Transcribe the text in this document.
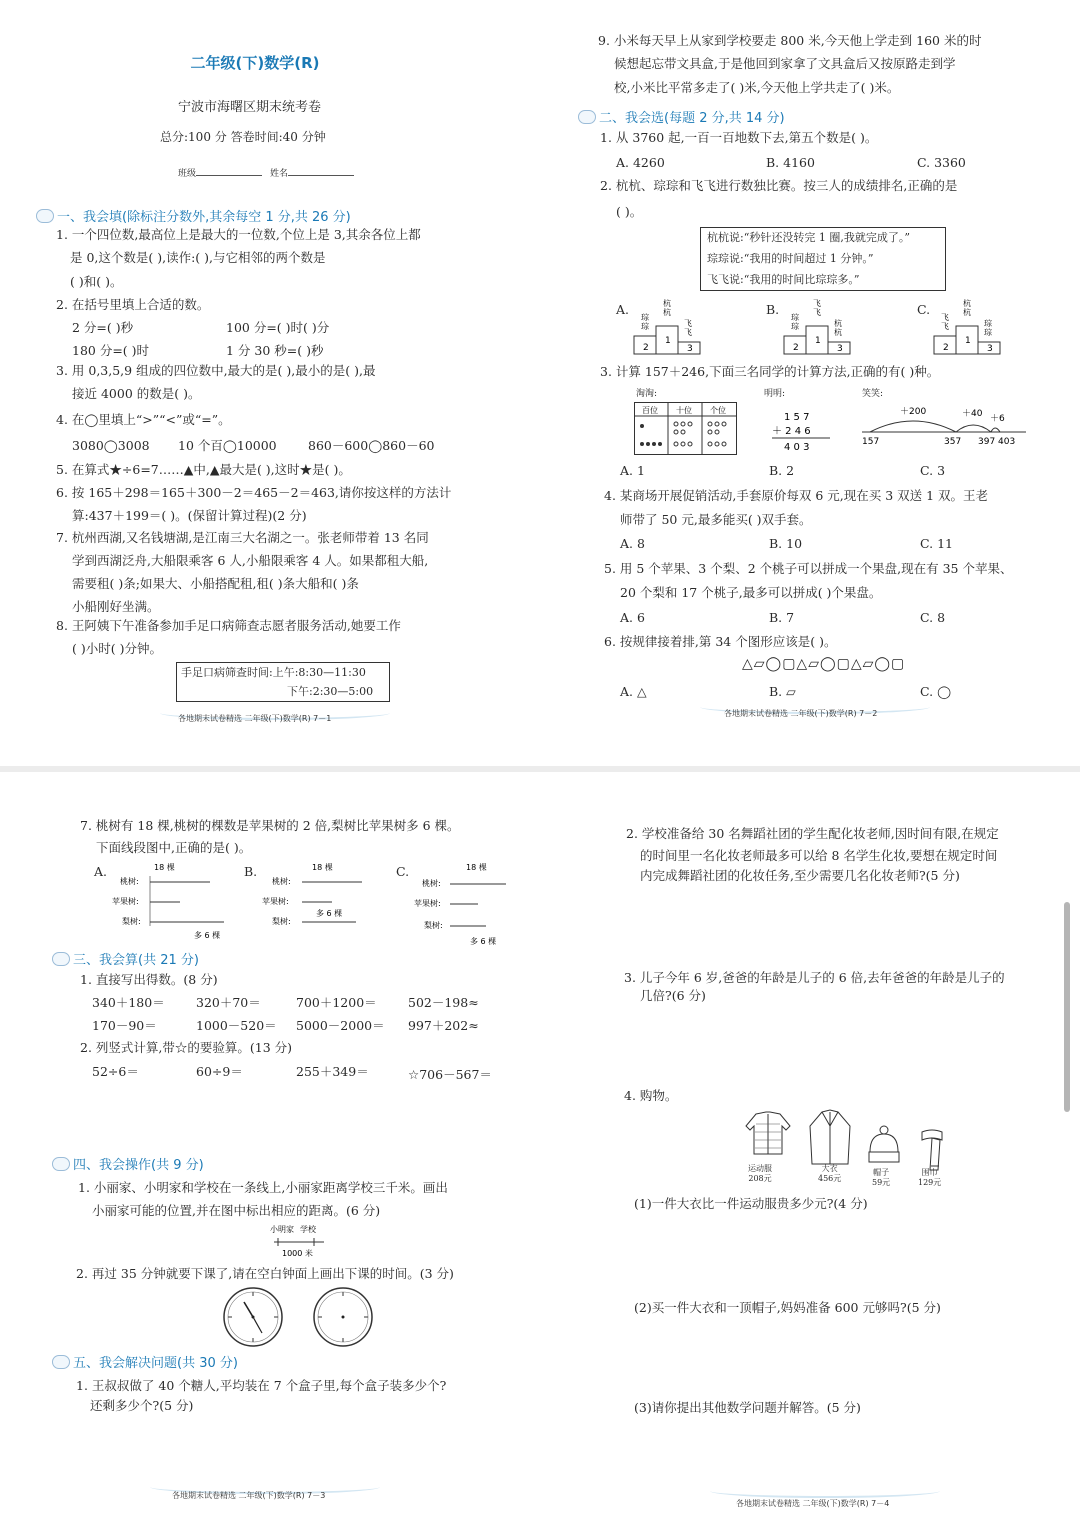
二年级(下)数学(R)
宁波市海曙区期末统考卷
总分:100 分 答卷时间:40 分钟
班级	姓名
一、我会填(除标注分数外,其余每空 1 分,共 26 分)
1. 一个四位数,最高位上是最大的一位数,个位上是 3,其余各位上都
是 0,这个数是( ),读作:( ),与它相邻的两个数是
( )和( )。
2. 在括号里填上合适的数。
2 分=( )秒	100 分=( )时( )分
180 分=( )时	1 分 30 秒=( )秒
3. 用 0,3,5,9 组成的四位数中,最大的是( ),最小的是( ),最
接近 4000 的数是( )。
4. 在◯里填上“>”“<”或“=”。
3080◯3008 10 个百◯10000	860－600◯860－60
5. 在算式★÷6=7……▲中,▲最大是( ),这时★是( )。
6. 按 165＋298＝165＋300－2＝465－2＝463,请你按这样的方法计
算:437＋199＝( )。(保留计算过程)(2 分)
7. 杭州西湖,又名钱塘湖,是江南三大名湖之一。张老师带着 13 名同
学到西湖泛舟,大船限乘客 6 人,小船限乘客 4 人。如果都租大船,
需要租( )条;如果大、小船搭配租,租( )条大船和( )条
小船刚好坐满。
8. 王阿姨下午准备参加手足口病筛查志愿者服务活动,她要工作
( )小时( )分钟。
手足口病筛查时间:上午:8:30—11:30
下午:2:30—5:00
各地期末试卷精选 二年级(下)数学(R) 7－1
9. 小米每天早上从家到学校要走 800 米,今天他上学走到 160 米的时
候想起忘带文具盒,于是他回到家拿了文具盒后又按原路走到学
校,小米比平常多走了( )米,今天他上学共走了( )米。
二、我会选(每题 2 分,共 14 分)
1. 从 3760 起,一百一百地数下去,第五个数是( )。
A. 4260	B. 4160	C. 3360
2. 杭杭、琮琮和飞飞进行数独比赛。按三人的成绩排名,正确的是
( )。
杭杭说:“秒针还没转完 1 圈,我就完成了。”
琮琮说:“我用的时间超过 1 分钟。”
飞飞说:“我用的时间比琮琮多。”
A.	B.	C.
杭
杭
琮
琮	飞
飞
1
2	3
飞
飞
琮
琮	杭
杭
1
2	3
杭
杭
飞
飞	琮
琮
1
2	3
3. 计算 157＋246,下面三名同学的计算方法,正确的有( )种。
淘淘:	明明:	笑笑:
百位 十位 个位
1 5 7
＋ 2 4 6
4 0 3
＋200	＋40 ＋6
157	357 397 403
A. 1	B. 2	C. 3
4. 某商场开展促销活动,手套原价每双 6 元,现在买 3 双送 1 双。王老
师带了 50 元,最多能买( )双手套。
A. 8	B. 10	C. 11
5. 用 5 个苹果、3 个梨、2 个桃子可以拼成一个果盘,现在有 35 个苹果、
20 个梨和 17 个桃子,最多可以拼成( )个果盘。
A. 6	B. 7	C. 8
6. 按规律接着排,第 34 个图形应该是( )。
△▱◯▢△▱◯▢△▱◯▢
A. △	B. ▱	C. ◯
各地期末试卷精选 二年级(下)数学(R) 7－2
7. 桃树有 18 棵,桃树的棵数是苹果树的 2 倍,梨树比苹果树多 6 棵。
下面线段图中,正确的是( )。
A.	B.	C.
桃树:
苹果树:
梨树:
18 棵
多 6 棵
桃树:
苹果树:
梨树:
18 棵
多 6 棵
桃树:
苹果树:
梨树:
18 棵
多 6 棵
三、我会算(共 21 分)
1. 直接写出得数。(8 分)
340＋180＝	320＋70＝	700＋1200＝	502－198≈
170－90＝	1000－520＝ 5000－2000＝ 997＋202≈
2. 列竖式计算,带☆的要验算。(13 分)
52÷6＝	60÷9＝	255＋349＝	☆706－567＝
四、我会操作(共 9 分)
1. 小丽家、小明家和学校在一条线上,小丽家距离学校三千米。画出
小丽家可能的位置,并在图中标出相应的距离。(6 分)
小明家 学校
1000 米
2. 再过 35 分钟就要下课了,请在空白钟面上画出下课的时间。(3 分)
五、我会解决问题(共 30 分)
1. 王叔叔做了 40 个糖人,平均装在 7 个盒子里,每个盒子装多少个?
还剩多少个?(5 分)
各地期末试卷精选 二年级(下)数学(R) 7－3
2. 学校准备给 30 名舞蹈社团的学生配化妆老师,因时间有限,在规定
的时间里一名化妆老师最多可以给 8 名学生化妆,要想在规定时间
内完成舞蹈社团的化妆任务,至少需要几名化妆老师?(5 分)
3. 儿子今年 6 岁,爸爸的年龄是儿子的 6 倍,去年爸爸的年龄是儿子的
几倍?(6 分)
4. 购物。
运动服
208元
大衣
456元
帽子
59元
围巾
129元
(1)一件大衣比一件运动服贵多少元?(4 分)
(2)买一件大衣和一顶帽子,妈妈准备 600 元够吗?(5 分)
(3)请你提出其他数学问题并解答。(5 分)
各地期末试卷精选 二年级(下)数学(R) 7－4
